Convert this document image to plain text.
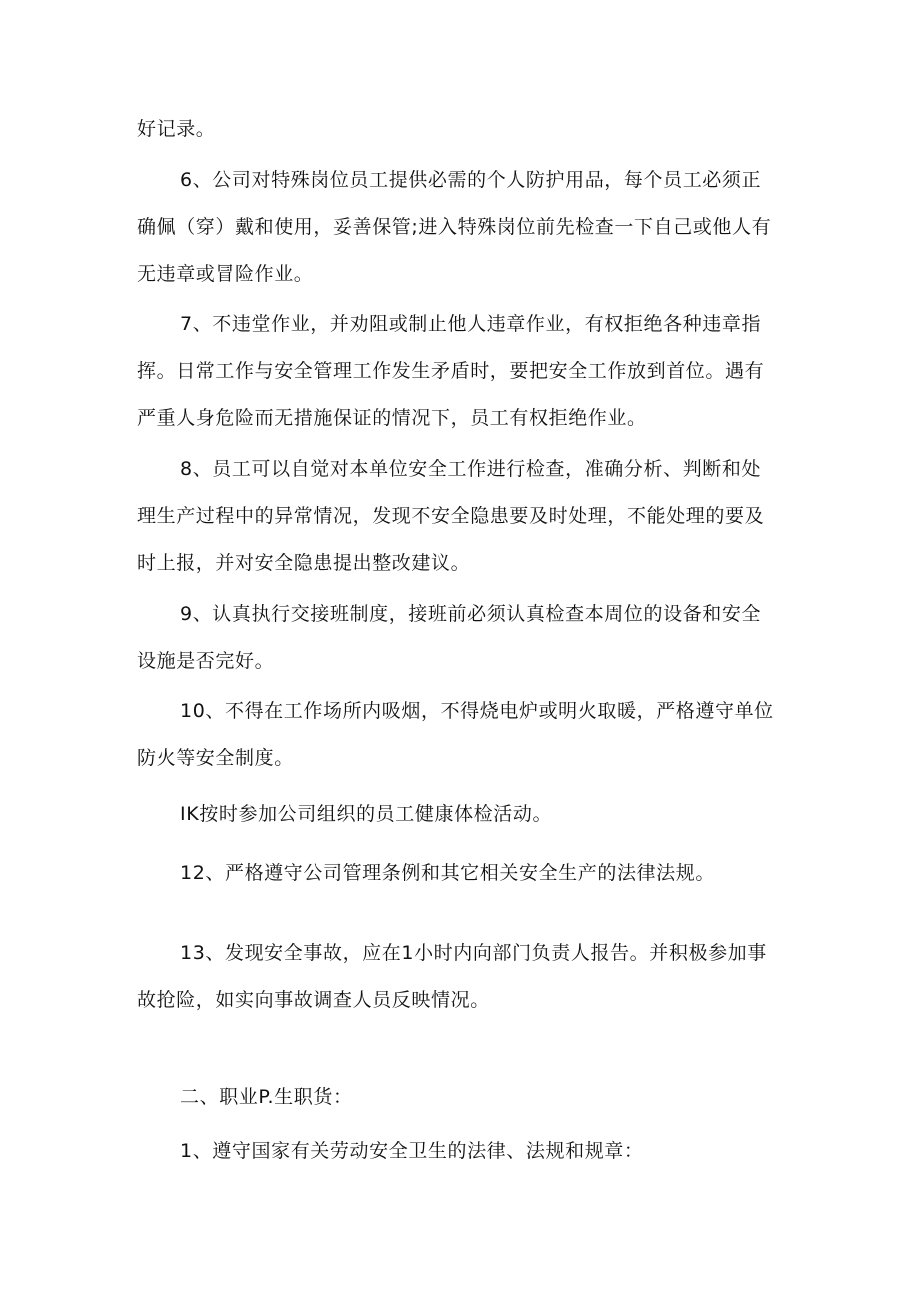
好记录。
6、公司对特殊岗位员工提供必需的个人防护用品，每个员工必须正
确佩（穿）戴和使用，妥善保管;进入特殊岗位前先检查一下自己或他人有
无违章或冒险作业。
7、不违堂作业，并劝阻或制止他人违章作业，有权拒绝各种违章指
挥。日常工作与安全管理工作发生矛盾时，要把安全工作放到首位。遇有
严重人身危险而无措施保证的情况下，员工有权拒绝作业。
8、员工可以自觉对本单位安全工作进行检查，准确分析、判断和处
理生产过程中的异常情况，发现不安全隐患要及时处理，不能处理的要及
时上报，并对安全隐患提出整改建议。
9、认真执行交接班制度，接班前必须认真检查本周位的设备和安全
设施是否完好。
10、不得在工作场所内吸烟，不得烧电炉或明火取暖，严格遵守单位
防火等安全制度。
IK按时参加公司组织的员工健康体检活动。
12、严格遵守公司管理条例和其它相关安全生产的法律法规。
13、发现安全事故，应在1小时内向部门负责人报告。并积极参加事
故抢险，如实向事故调查人员反映情况。
二、职业P.生职货：
1、遵守国家有关劳动安全卫生的法律、法规和规章：
